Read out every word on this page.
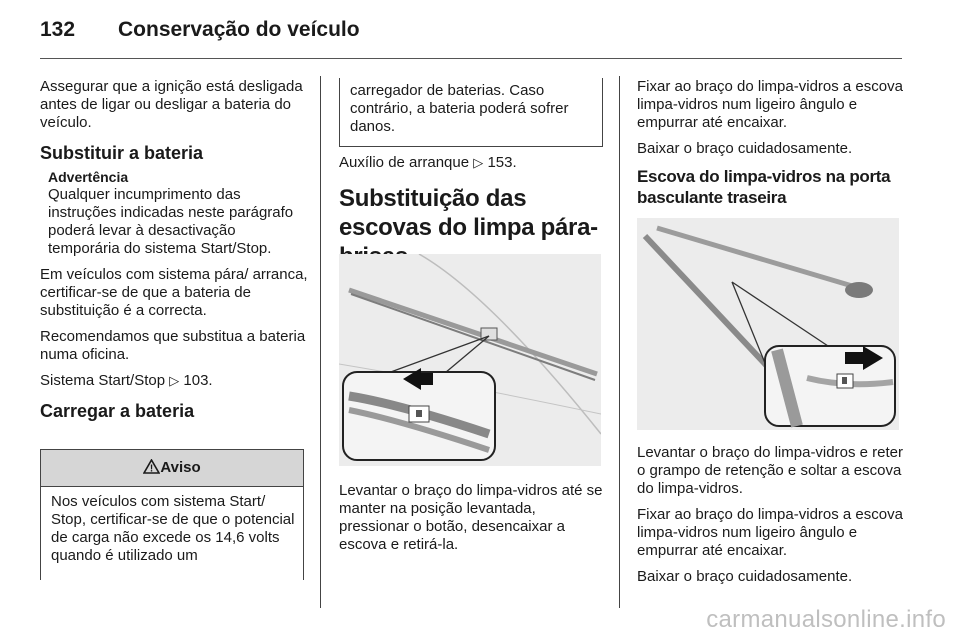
132 Conservação do veículo

Assegurar que a ignição está desligada antes de ligar ou desligar a bateria do veículo.

Substituir a bateria
Advertência
Qualquer incumprimento das instruções indicadas neste parágrafo poderá levar à desactivação temporária do sistema Start/Stop.

Em veículos com sistema pára/ arranca, certificar-se de que a bateria de substituição é a correcta.

Recomendamos que substitua a bateria numa oficina.

Sistema Start/Stop ▷ 103.

Carregar a bateria
! Aviso
Nos veículos com sistema Start/ Stop, certificar-se de que o potencial de carga não excede os 14,6 volts quando é utilizado um
carregador de baterias. Caso contrário, a bateria poderá sofrer danos.

Auxílio de arranque ▷ 153.

Substituição das escovas do limpa pára-

Levantar o braço do limpa-vidros até se manter na posição levantada, pressionar o botão, desencaixar a escova e retirá-la.

Fixar ao braço do limpa-vidros a escova limpa-vidros num ligeiro ângulo e empurrar até encaixar.

Baixar o braço cuidadosamente.

Escova do limpa-vidros na porta basculante traseira

Levantar o braço do limpa-vidros e reter o grampo de retenção e soltar a escova do limpa-vidros.

Fixar ao braço do limpa-vidros a escova limpa-vidros num ligeiro ângulo e empurrar até encaixar.

Baixar o braço cuidadosamente.

carmanualsonline.info
